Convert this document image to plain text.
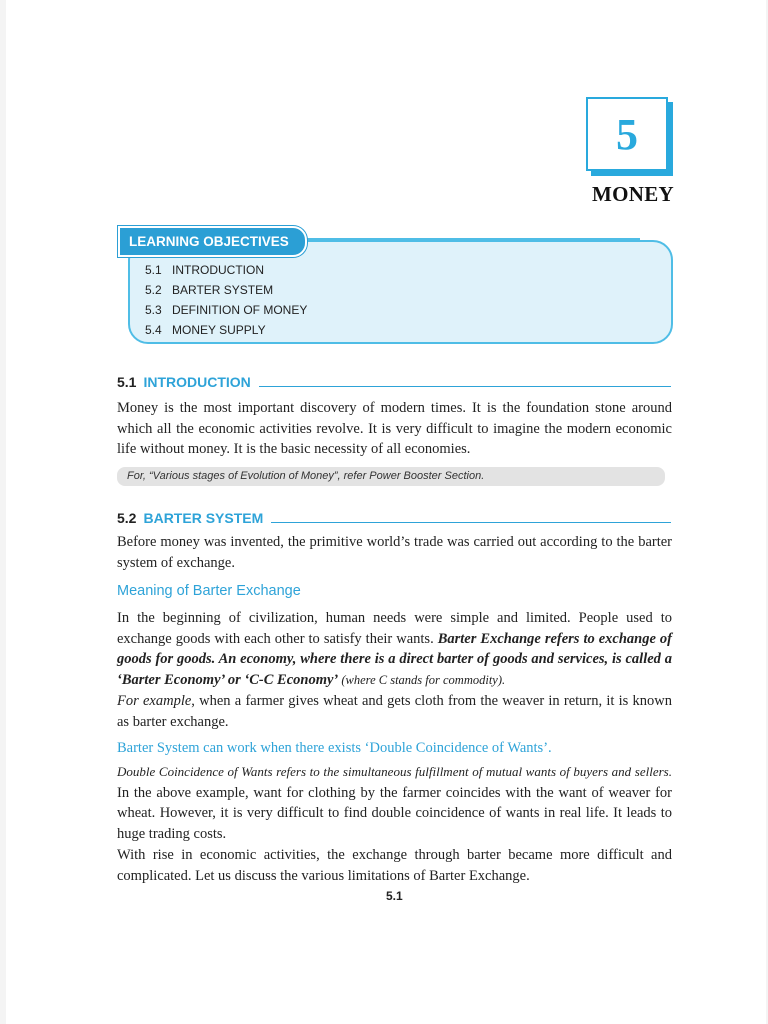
5
MONEY
LEARNING OBJECTIVES
5.1 INTRODUCTION
5.2 BARTER SYSTEM
5.3 DEFINITION OF MONEY
5.4 MONEY SUPPLY
5.1 INTRODUCTION
Money is the most important discovery of modern times. It is the foundation stone around which all the economic activities revolve. It is very difficult to imagine the modern economic life without money. It is the basic necessity of all economies.
For, “Various stages of Evolution of Money”, refer Power Booster Section.
5.2 BARTER SYSTEM
Before money was invented, the primitive world’s trade was carried out according to the barter system of exchange.
Meaning of Barter Exchange
In the beginning of civilization, human needs were simple and limited. People used to exchange goods with each other to satisfy their wants. Barter Exchange refers to exchange of goods for goods. An economy, where there is a direct barter of goods and services, is called a ‘Barter Economy’ or ‘C-C Economy’ (where C stands for commodity).
For example, when a farmer gives wheat and gets cloth from the weaver in return, it is known as barter exchange.
Barter System can work when there exists ‘Double Coincidence of Wants’.
Double Coincidence of Wants refers to the simultaneous fulfillment of mutual wants of buyers and sellers. In the above example, want for clothing by the farmer coincides with the want of weaver for wheat. However, it is very difficult to find double coincidence of wants in real life. It leads to huge trading costs.
With rise in economic activities, the exchange through barter became more difficult and complicated. Let us discuss the various limitations of Barter Exchange.
5.1
